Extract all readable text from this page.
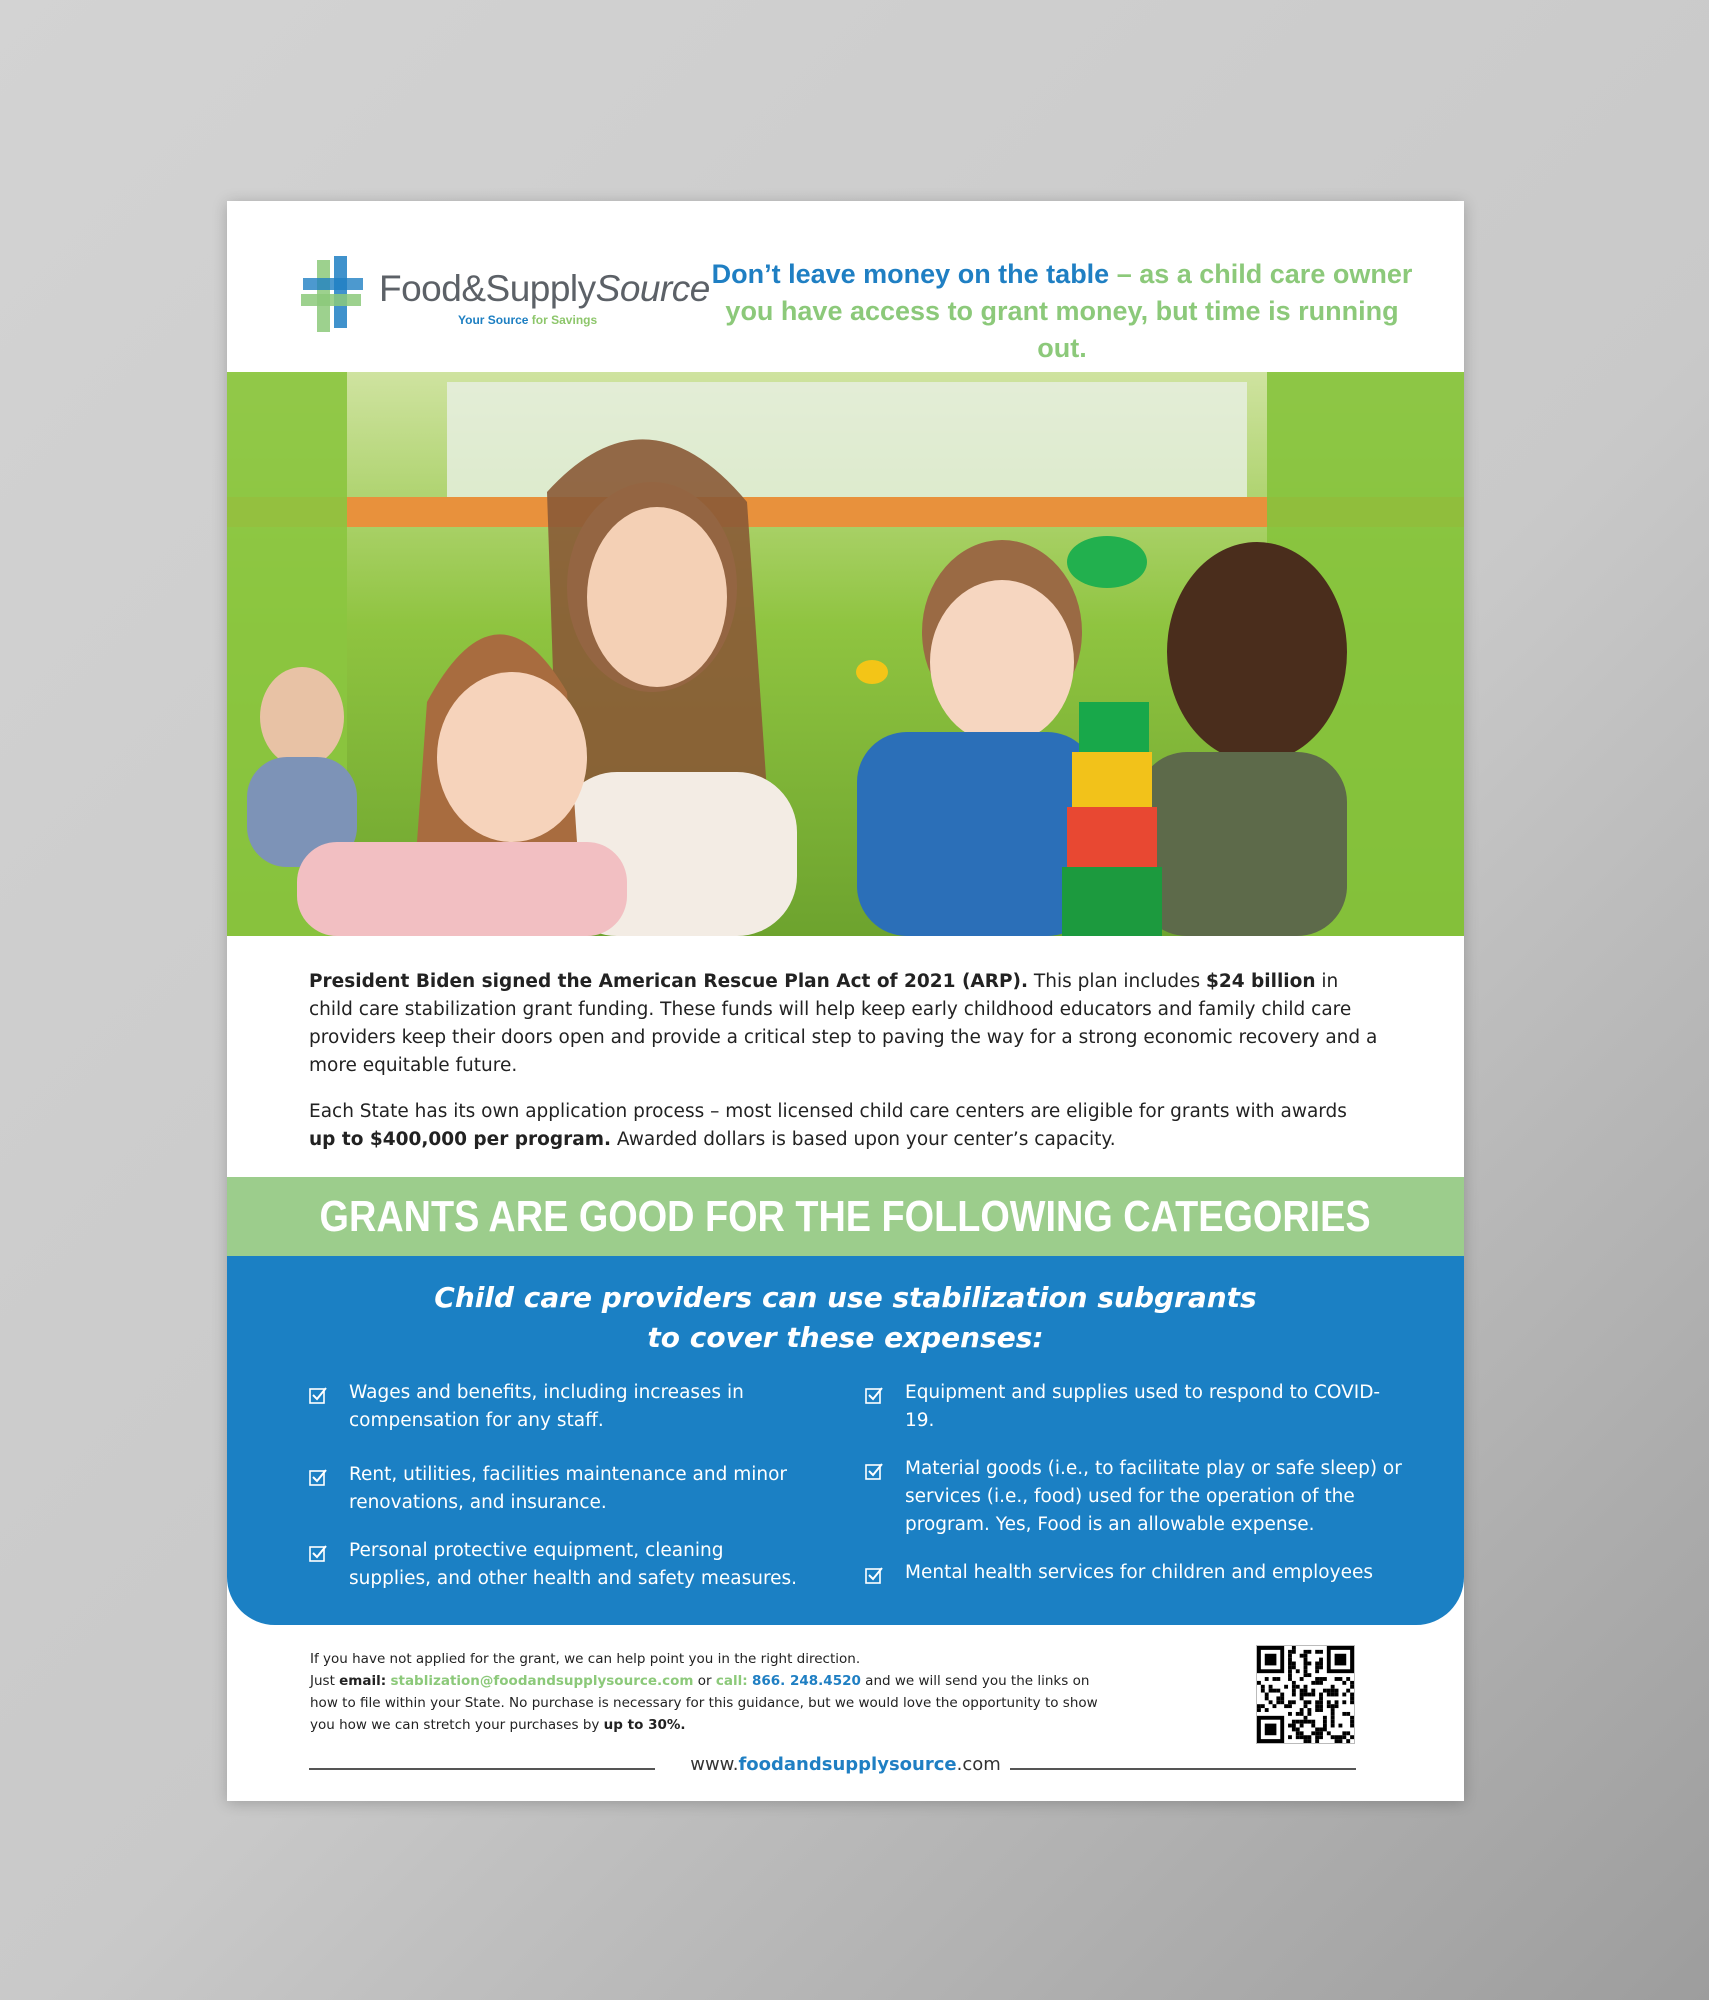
Food&SupplySource
Your Source for Savings
Don’t leave money on the table – as a child care owner
you have access to grant money, but time is running out.

President Biden signed the American Rescue Plan Act of 2021 (ARP). This plan includes $24 billion in child care stabilization grant funding. These funds will help keep early childhood educators and family child care providers keep their doors open and provide a critical step to paving the way for a strong economic recovery and a more equitable future.

Each State has its own application process – most licensed child care centers are eligible for grants with awards up to $400,000 per program. Awarded dollars is based upon your center’s capacity.

GRANTS ARE GOOD FOR THE FOLLOWING CATEGORIES
Child care providers can use stabilization subgrants
to cover these expenses:
Wages and benefits, including increases in compensation for any staff.
Rent, utilities, facilities maintenance and minor renovations, and insurance.
Personal protective equipment, cleaning supplies, and other health and safety measures.
Equipment and supplies used to respond to COVID-19.
Material goods (i.e., to facilitate play or safe sleep) or services (i.e., food) used for the operation of the program. Yes, Food is an allowable expense.
Mental health services for children and employees
If you have not applied for the grant, we can help point you in the right direction.
Just email: stablization@foodandsupplysource.com or call: 866. 248.4520 and we will send you the links on
how to file within your State. No purchase is necessary for this guidance, but we would love the opportunity to show
you how we can stretch your purchases by up to 30%.
www.foodandsupplysource.com
